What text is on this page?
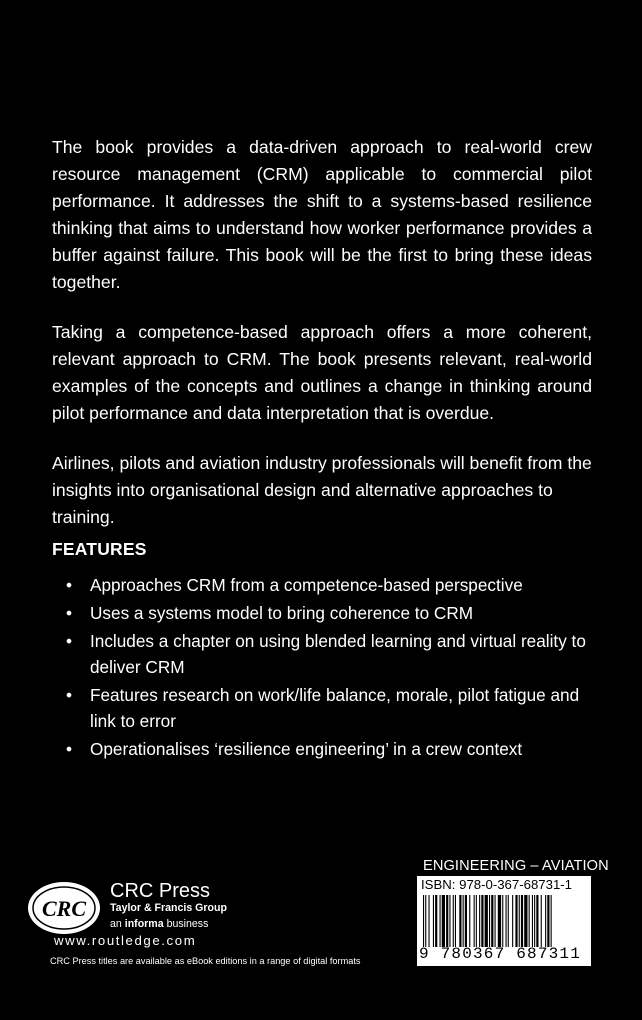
The book provides a data-driven approach to real-world crew resource management (CRM) applicable to commercial pilot performance. It addresses the shift to a systems-based resilience thinking that aims to understand how worker performance provides a buffer against failure. This book will be the first to bring these ideas together.

Taking a competence-based approach offers a more coherent, relevant approach to CRM. The book presents relevant, real-world examples of the concepts and outlines a change in thinking around pilot performance and data interpretation that is overdue.

Airlines, pilots and aviation industry professionals will benefit from the insights into organisational design and alternative approaches to training.

FEATURES
• Approaches CRM from a competence-based perspective
• Uses a systems model to bring coherence to CRM
• Includes a chapter on using blended learning and virtual reality to deliver CRM
• Features research on work/life balance, morale, pilot fatigue and link to error
• Operationalises ‘resilience engineering’ in a crew context
CRC
CRC Press
Taylor & Francis Group
an informa business
www.routledge.com
CRC Press titles are available as eBook editions in a range of digital formats
ENGINEERING – AVIATION
ISBN: 978-0-367-68731-1
9 780367 687311
